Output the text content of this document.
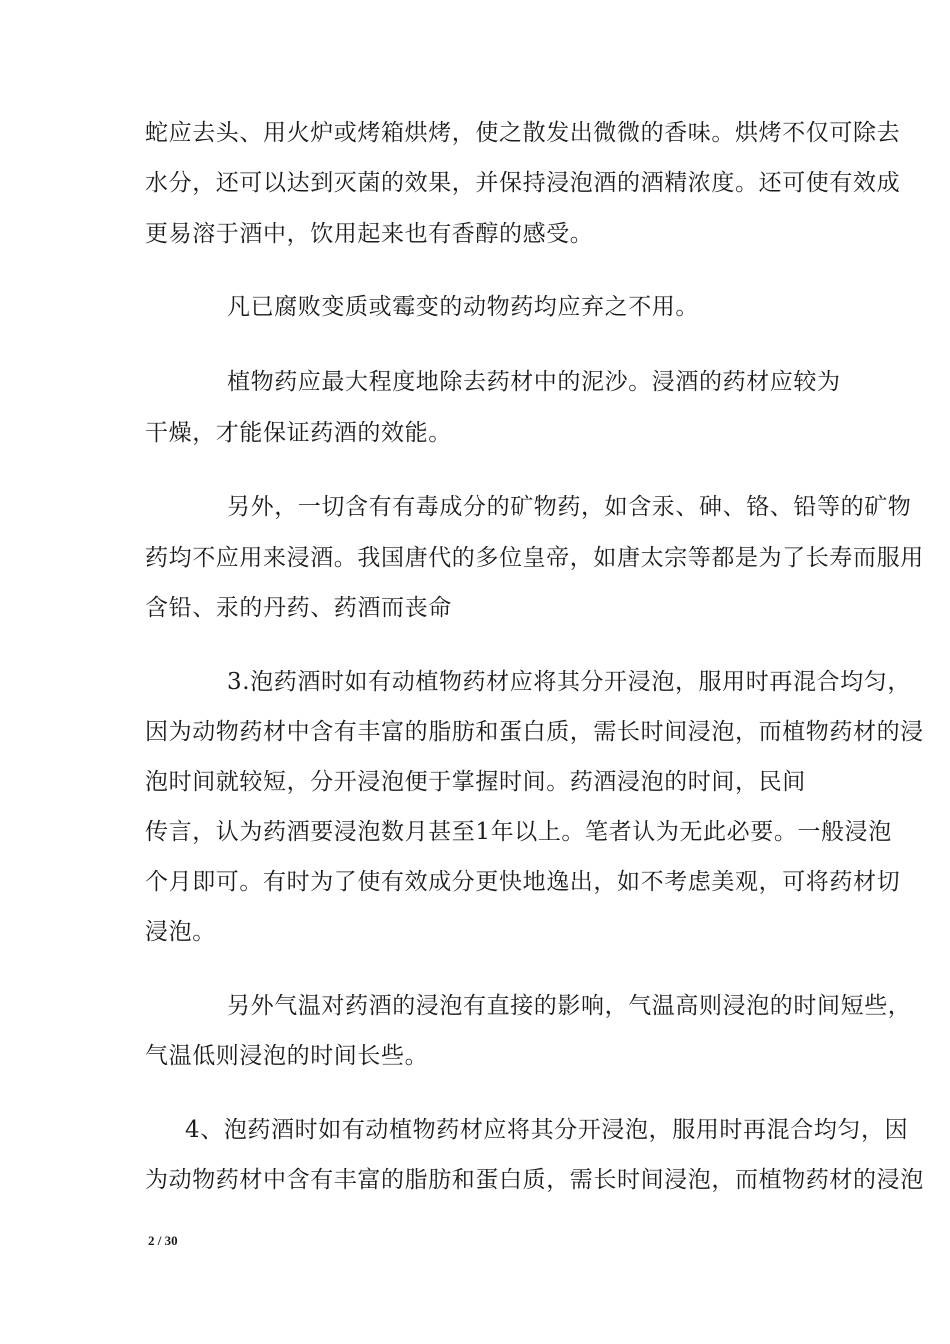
蛇应去头、用火炉或烤箱烘烤，使之散发出微微的香味。烘烤不仅可除去
水分，还可以达到灭菌的效果，并保持浸泡酒的酒精浓度。还可使有效成
更易溶于酒中，饮用起来也有香醇的感受。
凡已腐败变质或霉变的动物药均应弃之不用。
植物药应最大程度地除去药材中的泥沙。浸酒的药材应较为
干燥，才能保证药酒的效能。
另外，一切含有有毒成分的矿物药，如含汞、砷、铬、铅等的矿物
药均不应用来浸酒。我国唐代的多位皇帝，如唐太宗等都是为了长寿而服用
含铅、汞的丹药、药酒而丧命
3.泡药酒时如有动植物药材应将其分开浸泡，服用时再混合均匀，
因为动物药材中含有丰富的脂肪和蛋白质，需长时间浸泡，而植物药材的浸
泡时间就较短，分开浸泡便于掌握时间。药酒浸泡的时间，民间
传言，认为药酒要浸泡数月甚至1年以上。笔者认为无此必要。一般浸泡
个月即可。有时为了使有效成分更快地逸出，如不考虑美观，可将药材切
浸泡。
另外气温对药酒的浸泡有直接的影响，气温高则浸泡的时间短些，
气温低则浸泡的时间长些。
4、泡药酒时如有动植物药材应将其分开浸泡，服用时再混合均匀，因
为动物药材中含有丰富的脂肪和蛋白质，需长时间浸泡，而植物药材的浸泡
2 / 30
